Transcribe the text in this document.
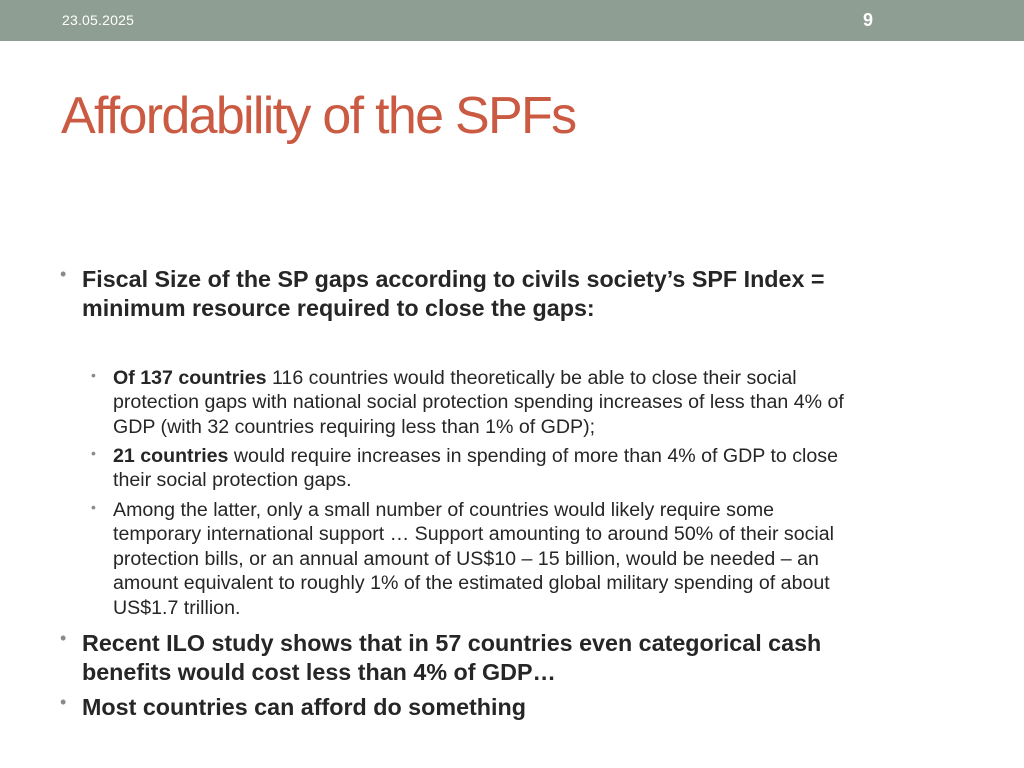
23.05.2025	9
Affordability of the SPFs
• Fiscal Size of the SP gaps according to civils society’s SPF Index =
minimum resource required to close the gaps:

• Of 137 countries 116 countries would theoretically be able to close their social
protection gaps with national social protection spending increases of less than 4% of
GDP (with 32 countries requiring less than 1% of GDP);

• 21 countries would require increases in spending of more than 4% of GDP to close
their social protection gaps.

• Among the latter, only a small number of countries would likely require some
temporary international support … Support amounting to around 50% of their social
protection bills, or an annual amount of US$10 – 15 billion, would be needed – an
amount equivalent to roughly 1% of the estimated global military spending of about
US$1.7 trillion.

• Recent ILO study shows that in 57 countries even categorical cash
benefits would cost less than 4% of GDP…

• Most countries can afford do something
